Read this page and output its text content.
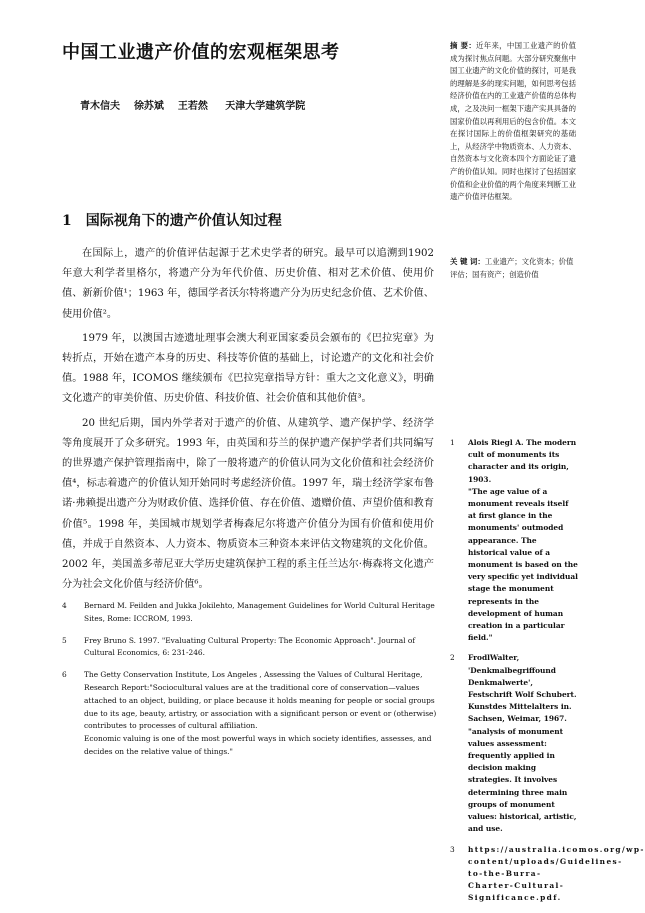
中国工业遗产价值的宏观框架思考
青木信夫 徐苏斌 王若然 天津大学建筑学院
摘 要：近年来，中国工业遗产的价值成为探讨焦点问题。大部分研究聚焦中国工业遗产的文化价值的探讨，可是我的理解是多的现实问题，如何思考包括经济价值在内的工业遗产价值的总体构成，之及决问一框架下遗产实具具备的国家价值以再利用后的包含价值。本文在探讨国际上的价值框架研究的基础上，从经济学中物质资本、人力资本、自然资本与文化资本四个方面论证了遗产的价值认知。同时也探讨了包括国家价值和企业价值的两个角度来判断工业遗产价值评估框架。
关 键 词：工业遗产；文化资本；价值评估；国有资产；创造价值
1 国际视角下的遗产价值认知过程

在国际上，遗产的价值评估起源于艺术史学者的研究。最早可以追溯到1902 年意大利学者里格尔，将遗产分为年代价值、历史价值、相对艺术价值、使用价值、新新价值¹；1963 年，德国学者沃尔特将遗产分为历史纪念价值、艺术价值、使用价值²。

1979 年，以澳国古迹遗址理事会澳大利亚国家委员会颁布的《巴拉宪章》为转折点，开始在遗产本身的历史、科技等价值的基础上，讨论遗产的文化和社会价值。1988 年，ICOMOS 继续颁布《巴拉宪章指导方针：重大之文化意义》，明确文化遗产的审美价值、历史价值、科技价值、社会价值和其他价值³。

20 世纪后期，国内外学者对于遗产的价值、从建筑学、遗产保护学、经济学等角度展开了众多研究。1993 年，由英国和芬兰的保护遗产保护学者们共同编写的世界遗产保护管理指南中，除了一般将遗产的价值认同为文化价值和社会经济价值⁴，标志着遗产的价值认知开始同时考虑经济价值。1997 年，瑞士经济学家布鲁诺·弗赖提出遗产分为财政价值、选择价值、存在价值、遗赠价值、声望价值和教育价值⁵。1998 年，美国城市规划学者梅森尼尔将遗产价值分为国有价值和使用价值，并成于自然资本、人力资本、物质资本三种资本来评估文物建筑的文化价值。2002 年，美国盖多蒂尼亚大学历史建筑保护工程的系主任兰达尔·梅森将文化遗产分为社会文化价值与经济价值⁶。

4 Bernard M. Feilden and Jukka Jokilehto, Management Guidelines for World Cultural Heritage Sites, Rome: ICCROM, 1993.

5 Frey Bruno S. 1997. "Evaluating Cultural Property: The Economic Approach". Journal of Cultural Economics, 6: 231-246.

6 The Getty Conservation Institute, Los Angeles , Assessing the Values of Cultural Heritage, Research Report:"Sociocultural values are at the traditional core of conservation—values attached to an object, building, or place because it holds meaning for people or social groups due to its age, beauty, artistry, or association with a significant person or event or (otherwise) contributes to processes of cultural affiliation.

Economic valuing is one of the most powerful ways in which society identifies, assesses, and decides on the relative value of things."

1 Alois Riegl A. The modern cult of monuments its character and its origin, 1903.

"The age value of a monument reveals itself at first glance in the monuments' outmoded appearance. The historical value of a monument is based on the very specific yet individual stage the monument represents in the development of human creation in a particular field."

2 FrodlWalter, 'Denkmalbegriffound Denkmalwerte', Festschrift Wolf Schubert. Kunstdes Mittelalters in. Sachsen, Weimar, 1967.

"analysis of monument values assessment: frequently applied in decision making strategies. It involves determining three main groups of monument values: historical, artistic, and use.

3 https://australia.icomos.org/wp-content/uploads/Guidelines-to-the-Burra-Charter-Cultural-Significance.pdf.
